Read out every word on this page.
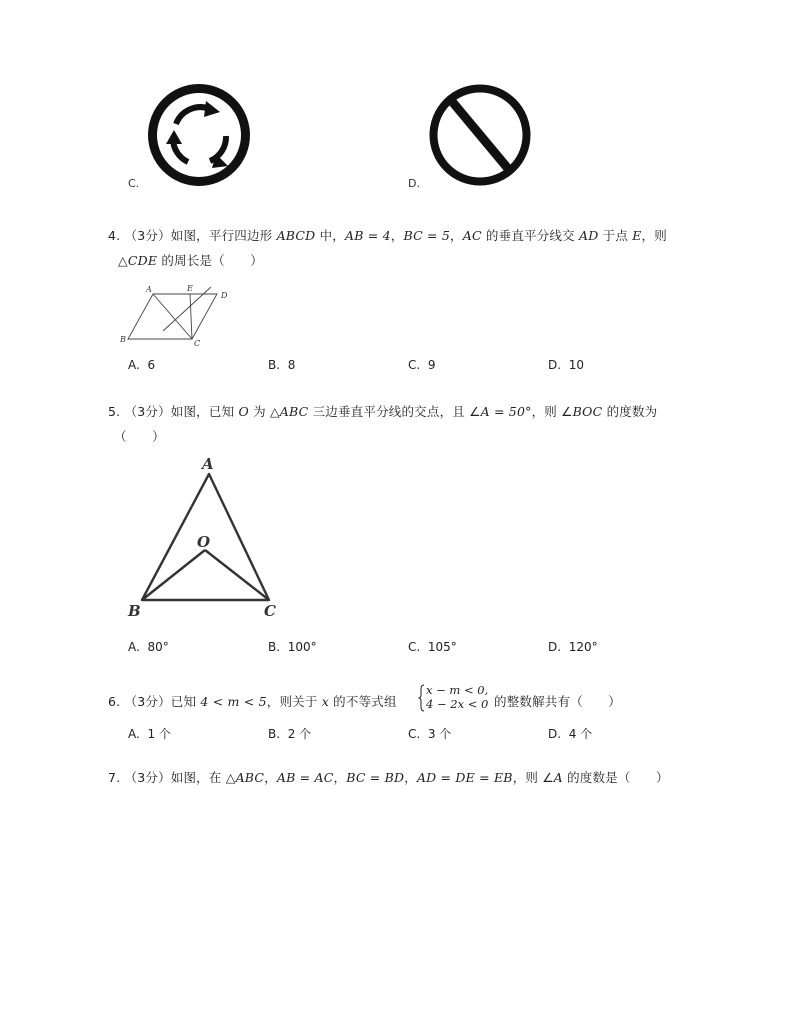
C.	D.
4. （3分）如图，平行四边形 ABCD 中，AB = 4，BC = 5，AC 的垂直平分线交 AD 于点 E，则
△CDE 的周长是（　　）
A	E
D
B	C
A. 6	B. 8	C. 9	D. 10
5. （3分）如图，已知 O 为 △ABC 三边垂直平分线的交点，且 ∠A = 50°，则 ∠BOC 的度数为
（　　）
A
O
B	C
A. 80°	B. 100°	C. 105°	D. 120°
6. （3分）已知 4 < m < 5，则关于 x 的不等式组
x − m < 0,
4 − 2x < 0 的整数解共有（　　）
A. 1 个	B. 2 个	C. 3 个	D. 4 个
7. （3分）如图，在 △ABC，AB = AC，BC = BD，AD = DE = EB，则 ∠A 的度数是（　　）
